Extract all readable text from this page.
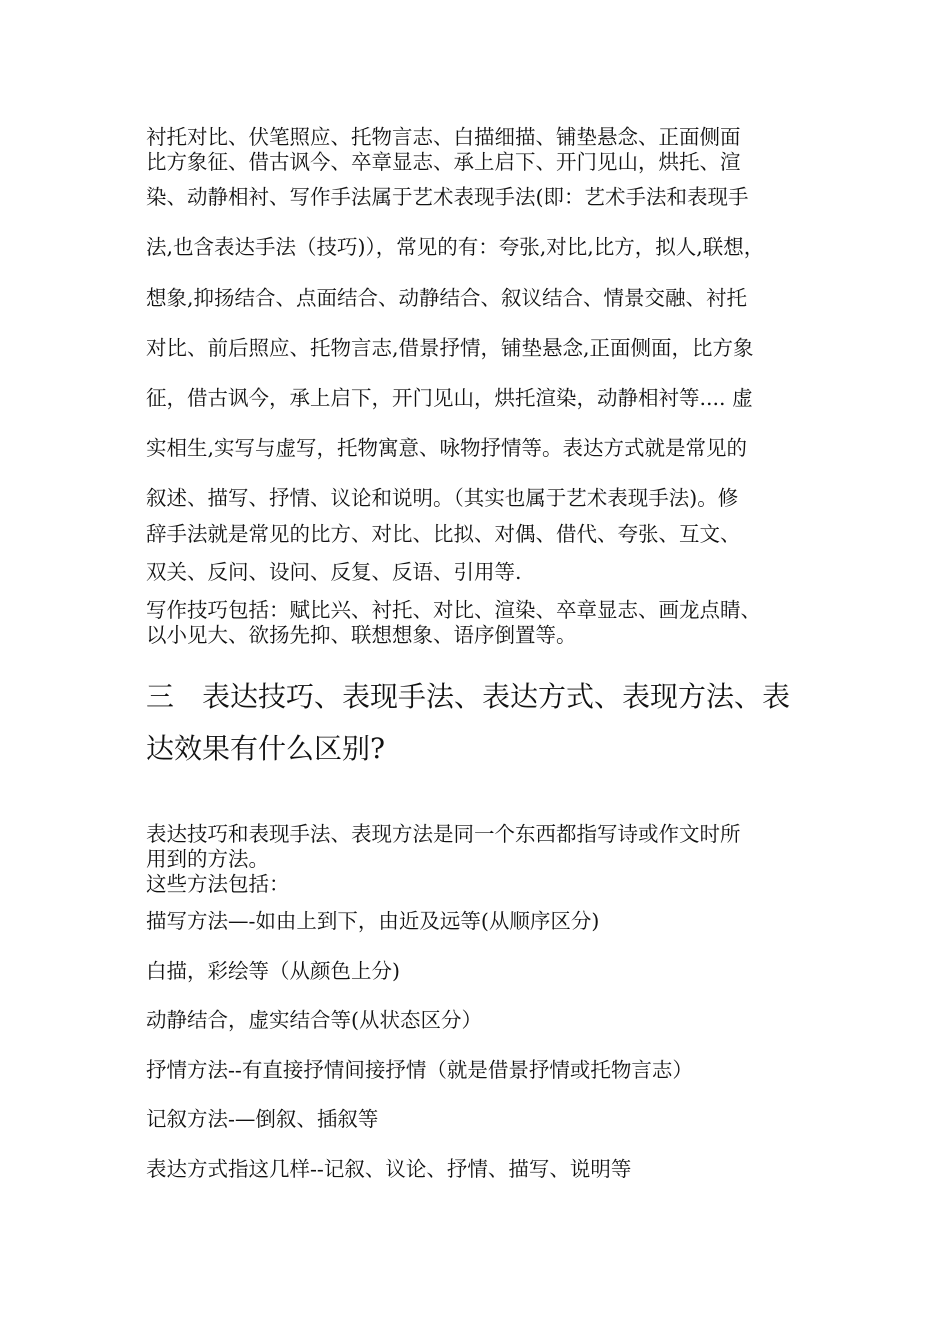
衬托对比、伏笔照应、托物言志、白描细描、铺垫悬念、正面侧面

比方象征、借古讽今、卒章显志、承上启下、开门见山，烘托、渲

染、动静相衬、写作手法属于艺术表现手法(即：艺术手法和表现手

法,也含表达手法（技巧)），常见的有：夸张,对比,比方，拟人,联想，

想象,抑扬结合、点面结合、动静结合、叙议结合、情景交融、衬托

对比、前后照应、托物言志,借景抒情，铺垫悬念,正面侧面，比方象

征，借古讽今，承上启下，开门见山，烘托渲染，动静相衬等.... 虚

实相生,实写与虚写，托物寓意、咏物抒情等。表达方式就是常见的

叙述、描写、抒情、议论和说明。（其实也属于艺术表现手法)。修

辞手法就是常见的比方、对比、比拟、对偶、借代、夸张、互文、

双关、反问、设问、反复、反语、引用等.

写作技巧包括：赋比兴、衬托、对比、渲染、卒章显志、画龙点睛、

以小见大、欲扬先抑、联想想象、语序倒置等。

三　表达技巧、表现手法、表达方式、表现方法、表

达效果有什么区别?

表达技巧和表现手法、表现方法是同一个东西都指写诗或作文时所

用到的方法。

这些方法包括：

描写方法—-如由上到下，由近及远等(从顺序区分)

白描，彩绘等（从颜色上分)

动静结合，虚实结合等(从状态区分）

抒情方法--有直接抒情间接抒情（就是借景抒情或托物言志）

记叙方法-—倒叙、插叙等

表达方式指这几样--记叙、议论、抒情、描写、说明等
